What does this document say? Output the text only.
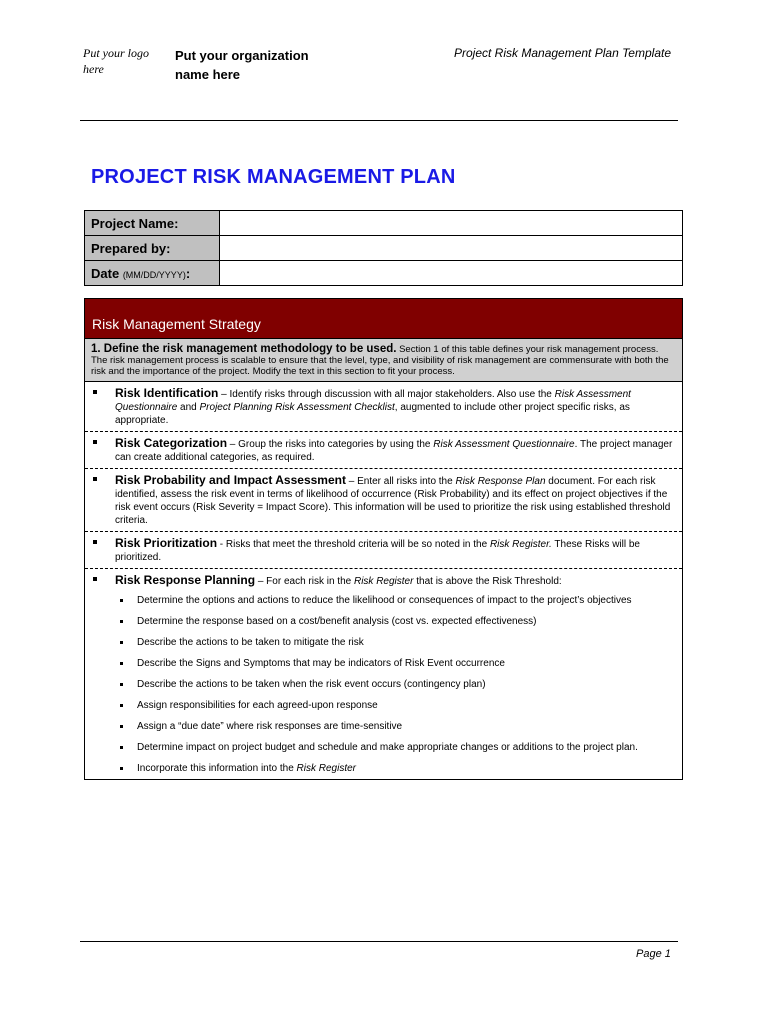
Put your logo here
Put your organization name here
Project Risk Management Plan Template
PROJECT RISK MANAGEMENT PLAN
Project Name:	
Prepared by:	
Date (MM/DD/YYYY):	
Risk Management Strategy
1. Define the risk management methodology to be used. Section 1 of this table defines your risk management process. The risk management process is scalable to ensure that the level, type, and visibility of risk management are commensurate with both the risk and the importance of the project. Modify the text in this section to fit your process.
Risk Identification – Identify risks through discussion with all major stakeholders. Also use the Risk Assessment Questionnaire and Project Planning Risk Assessment Checklist, augmented to include other project specific risks, as appropriate.
Risk Categorization – Group the risks into categories by using the Risk Assessment Questionnaire. The project manager can create additional categories, as required.
Risk Probability and Impact Assessment – Enter all risks into the Risk Response Plan document. For each risk identified, assess the risk event in terms of likelihood of occurrence (Risk Probability) and its effect on project objectives if the risk event occurs (Risk Severity = Impact Score). This information will be used to prioritize the risk using established threshold criteria.
Risk Prioritization - Risks that meet the threshold criteria will be so noted in the Risk Register. These Risks will be prioritized.
Risk Response Planning – For each risk in the Risk Register that is above the Risk Threshold:
Determine the options and actions to reduce the likelihood or consequences of impact to the project’s objectives
Determine the response based on a cost/benefit analysis (cost vs. expected effectiveness)
Describe the actions to be taken to mitigate the risk
Describe the Signs and Symptoms that may be indicators of Risk Event occurrence
Describe the actions to be taken when the risk event occurs (contingency plan)
Assign responsibilities for each agreed-upon response
Assign a “due date” where risk responses are time-sensitive
Determine impact on project budget and schedule and make appropriate changes or additions to the project plan.
Incorporate this information into the Risk Register
Page 1
